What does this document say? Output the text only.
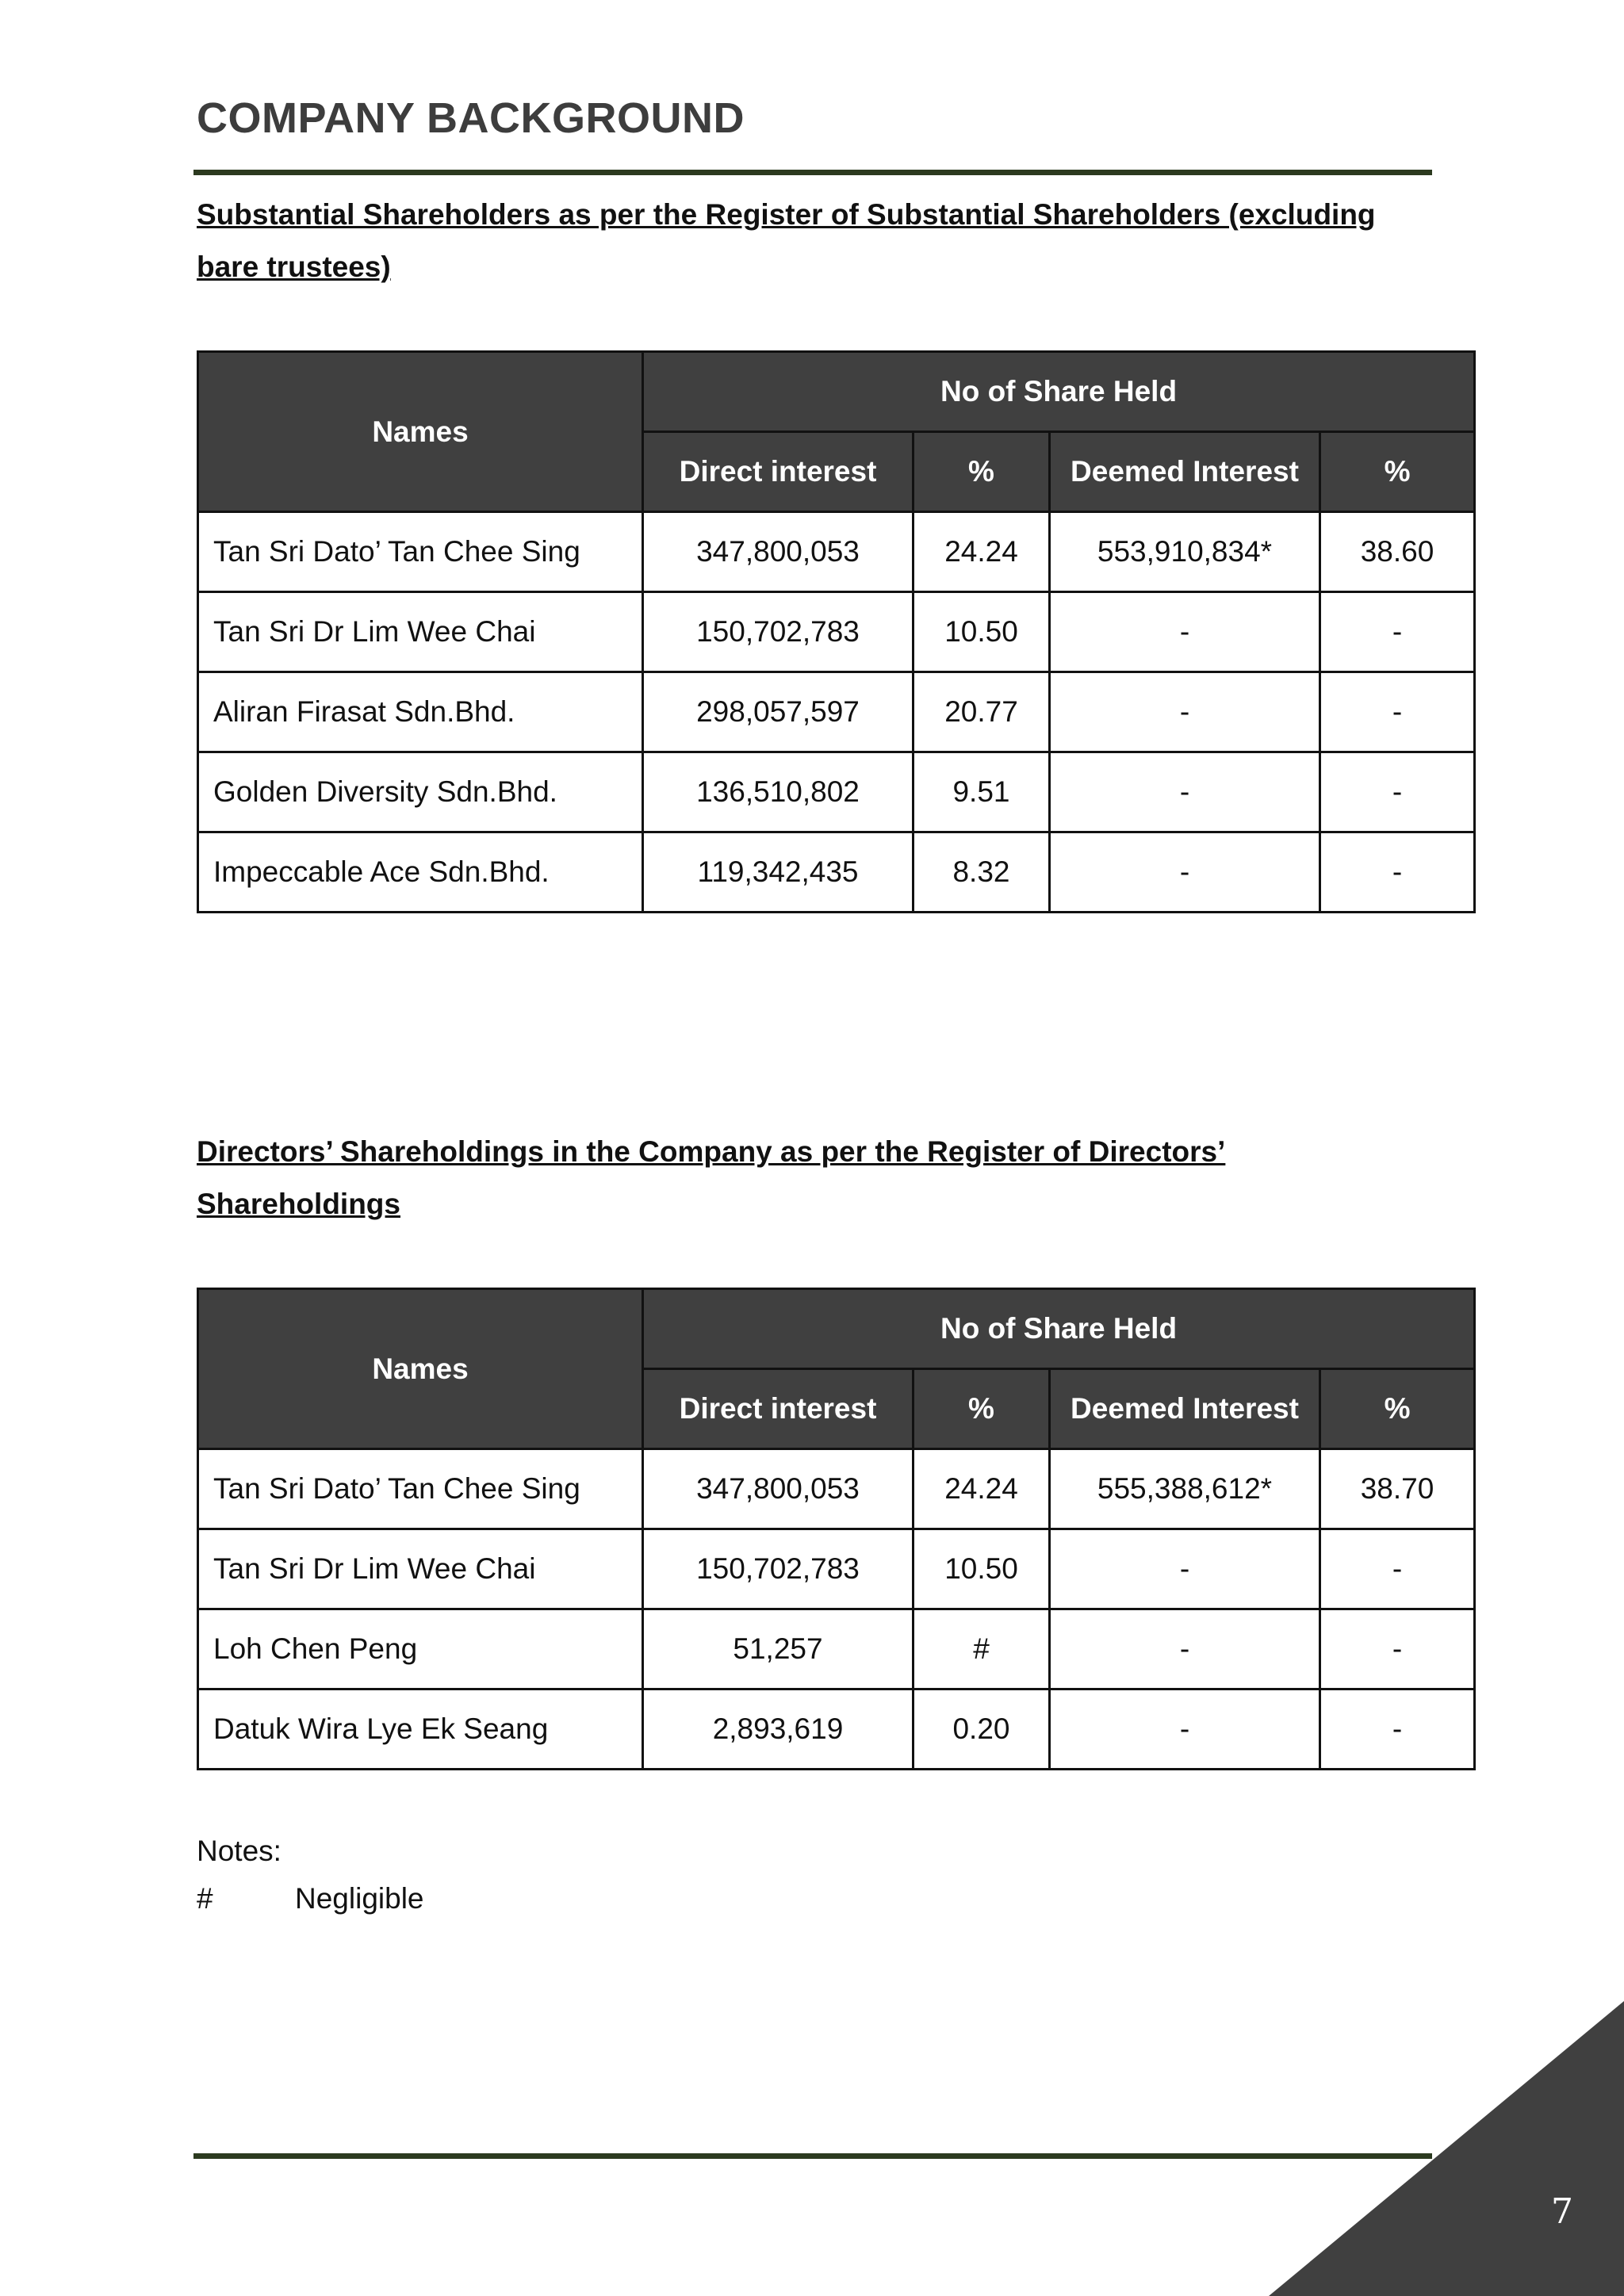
COMPANY BACKGROUND
Substantial Shareholders as per the Register of Substantial Shareholders (excluding
bare trustees)
Names	No of Share Held			
	Direct interest	%	Deemed Interest	%
Tan Sri Dato’ Tan Chee Sing	347,800,053	24.24	553,910,834*	38.60
Tan Sri Dr Lim Wee Chai	150,702,783	10.50	-	-
Aliran Firasat Sdn.Bhd.	298,057,597	20.77	-	-
Golden Diversity Sdn.Bhd.	136,510,802	9.51	-	-
Impeccable Ace Sdn.Bhd.	119,342,435	8.32	-	-
Directors’ Shareholdings in the Company as per the Register of Directors’
Shareholdings
Names	No of Share Held			
	Direct interest	%	Deemed Interest	%
Tan Sri Dato’ Tan Chee Sing	347,800,053	24.24	555,388,612*	38.70
Tan Sri Dr Lim Wee Chai	150,702,783	10.50	-	-
Loh Chen Peng	51,257	#	-	-
Datuk Wira Lye Ek Seang	2,893,619	0.20	-	-
Notes:
#	Negligible
7
